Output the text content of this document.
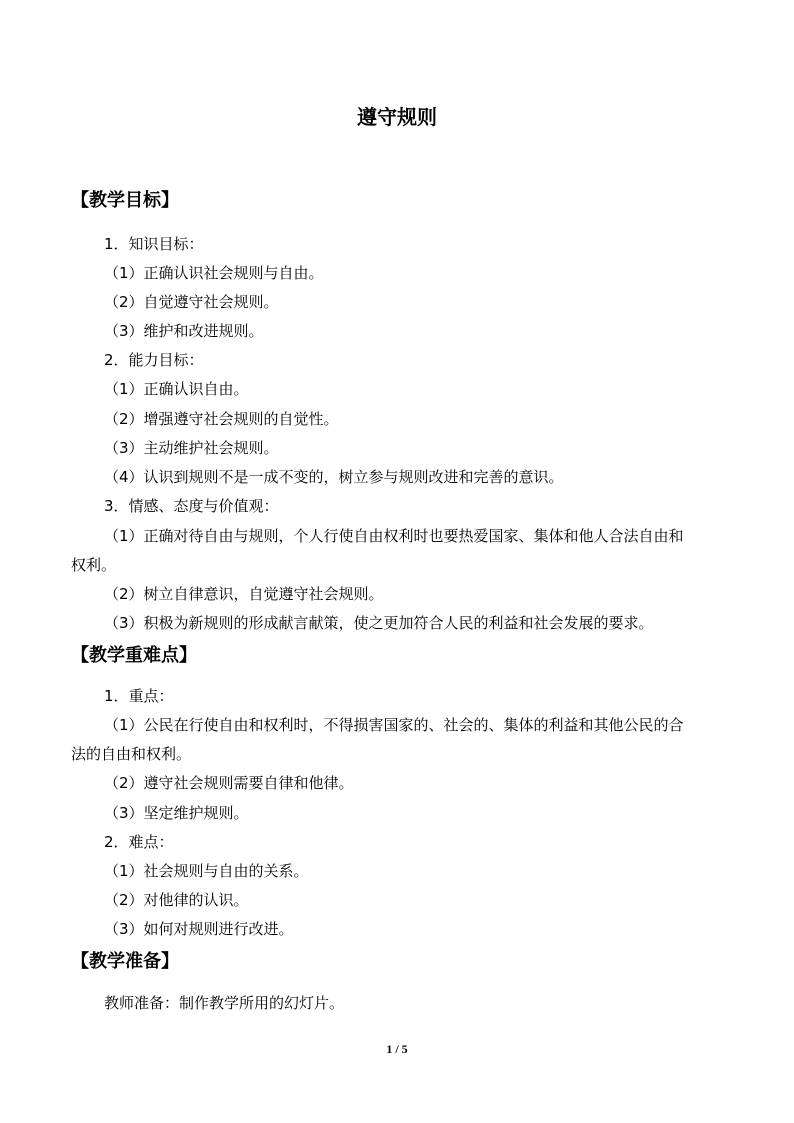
遵守规则
【教学目标】
1．知识目标：
（1）正确认识社会规则与自由。
（2）自觉遵守社会规则。
（3）维护和改进规则。
2．能力目标：
（1）正确认识自由。
（2）增强遵守社会规则的自觉性。
（3）主动维护社会规则。
（4）认识到规则不是一成不变的，树立参与规则改进和完善的意识。
3．情感、态度与价值观：
（1）正确对待自由与规则，个人行使自由权利时也要热爱国家、集体和他人合法自由和
权利。
（2）树立自律意识，自觉遵守社会规则。
（3）积极为新规则的形成献言献策，使之更加符合人民的利益和社会发展的要求。
【教学重难点】
1．重点：
（1）公民在行使自由和权利时，不得损害国家的、社会的、集体的利益和其他公民的合
法的自由和权利。
（2）遵守社会规则需要自律和他律。
（3）坚定维护规则。
2．难点：
（1）社会规则与自由的关系。
（2）对他律的认识。
（3）如何对规则进行改进。
【教学准备】
教师准备：制作教学所用的幻灯片。
1 / 5
